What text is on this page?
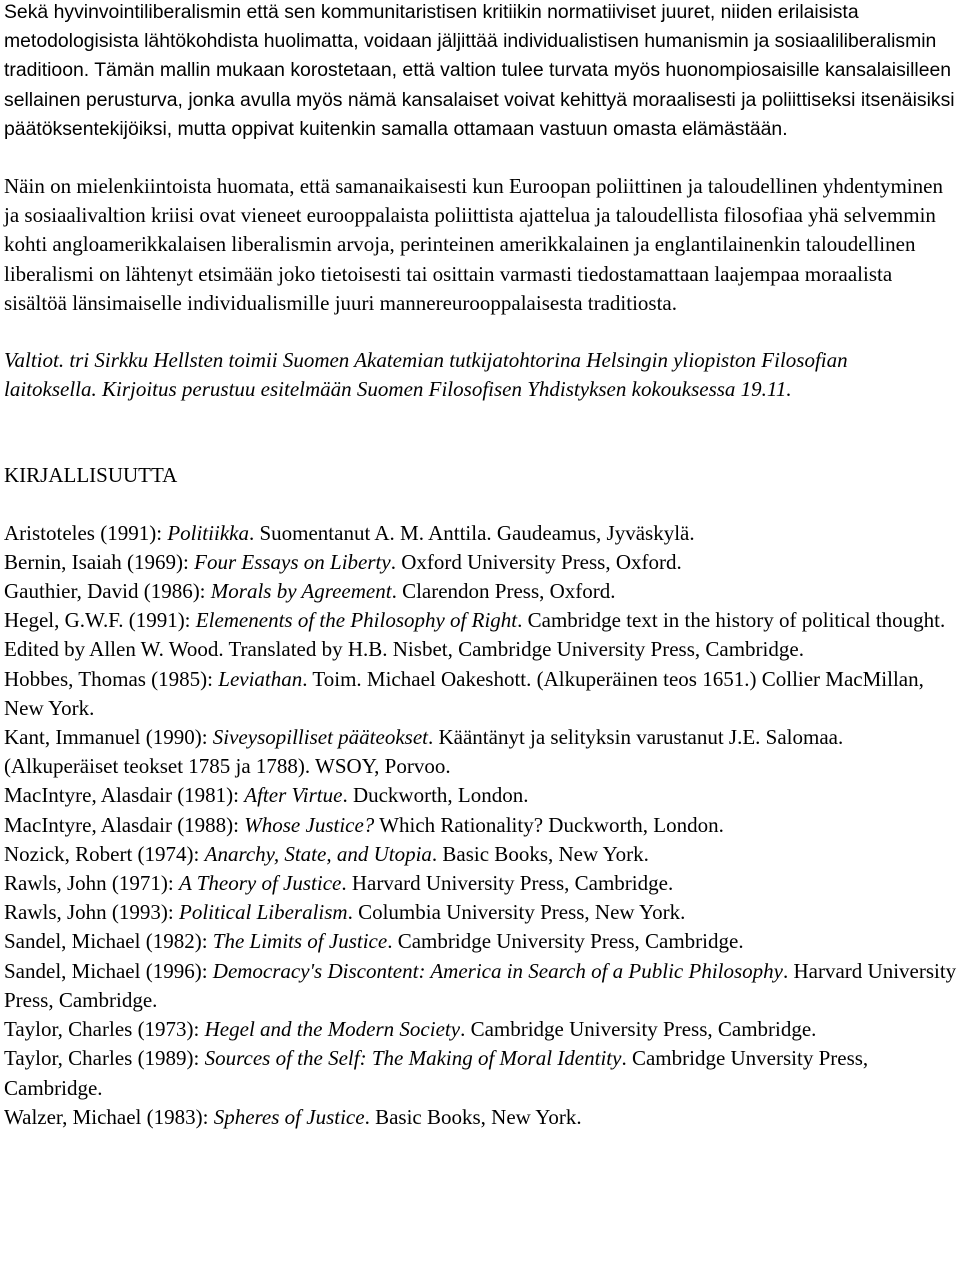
Sekä hyvinvointiliberalismin että sen kommunitaristisen kritiikin normatiiviset juuret, niiden erilaisista metodologisista lähtökohdista huolimatta, voidaan jäljittää individualistisen humanismin ja sosiaaliliberalismin traditioon. Tämän mallin mukaan korostetaan, että valtion tulee turvata myös huonompiosaisille kansalaisilleen sellainen perusturva, jonka avulla myös nämä kansalaiset voivat kehittyä moraalisesti ja poliittiseksi itsenäisiksi päätöksentekijöiksi, mutta oppivat kuitenkin samalla ottamaan vastuun omasta elämästään.

Näin on mielenkiintoista huomata, että samanaikaisesti kun Euroopan poliittinen ja taloudellinen yhdentyminen ja sosiaalivaltion kriisi ovat vieneet eurooppalaista poliittista ajattelua ja taloudellista filosofiaa yhä selvemmin kohti angloamerikkalaisen liberalismin arvoja, perinteinen amerikkalainen ja englantilainenkin taloudellinen liberalismi on lähtenyt etsimään joko tietoisesti tai osittain varmasti tiedostamattaan laajempaa moraalista sisältöä länsimaiselle individualismille juuri mannereurooppalaisesta traditiosta.

Valtiot. tri Sirkku Hellsten toimii Suomen Akatemian tutkijatohtorina Helsingin yliopiston Filosofian laitoksella. Kirjoitus perustuu esitelmään Suomen Filosofisen Yhdistyksen kokouksessa 19.11.

KIRJALLISUUTTA
Aristoteles (1991): Politiikka. Suomentanut A. M. Anttila. Gaudeamus, Jyväskylä.
Bernin, Isaiah (1969): Four Essays on Liberty. Oxford University Press, Oxford.
Gauthier, David (1986): Morals by Agreement. Clarendon Press, Oxford.
Hegel, G.W.F. (1991): Elemenents of the Philosophy of Right. Cambridge text in the history of political thought. Edited by Allen W. Wood. Translated by H.B. Nisbet, Cambridge University Press, Cambridge.
Hobbes, Thomas (1985): Leviathan. Toim. Michael Oakeshott. (Alkuperäinen teos 1651.) Collier MacMillan, New York.
Kant, Immanuel (1990): Siveysopilliset pääteokset. Kääntänyt ja selityksin varustanut J.E. Salomaa. (Alkuperäiset teokset 1785 ja 1788). WSOY, Porvoo.
MacIntyre, Alasdair (1981): After Virtue. Duckworth, London.
MacIntyre, Alasdair (1988): Whose Justice? Which Rationality? Duckworth, London.
Nozick, Robert (1974): Anarchy, State, and Utopia. Basic Books, New York.
Rawls, John (1971): A Theory of Justice. Harvard University Press, Cambridge.
Rawls, John (1993): Political Liberalism. Columbia University Press, New York.
Sandel, Michael (1982): The Limits of Justice. Cambridge University Press, Cambridge.
Sandel, Michael (1996): Democracy's Discontent: America in Search of a Public Philosophy. Harvard University Press, Cambridge.
Taylor, Charles (1973): Hegel and the Modern Society. Cambridge University Press, Cambridge.
Taylor, Charles (1989): Sources of the Self: The Making of Moral Identity. Cambridge Unversity Press, Cambridge.
Walzer, Michael (1983): Spheres of Justice. Basic Books, New York.
